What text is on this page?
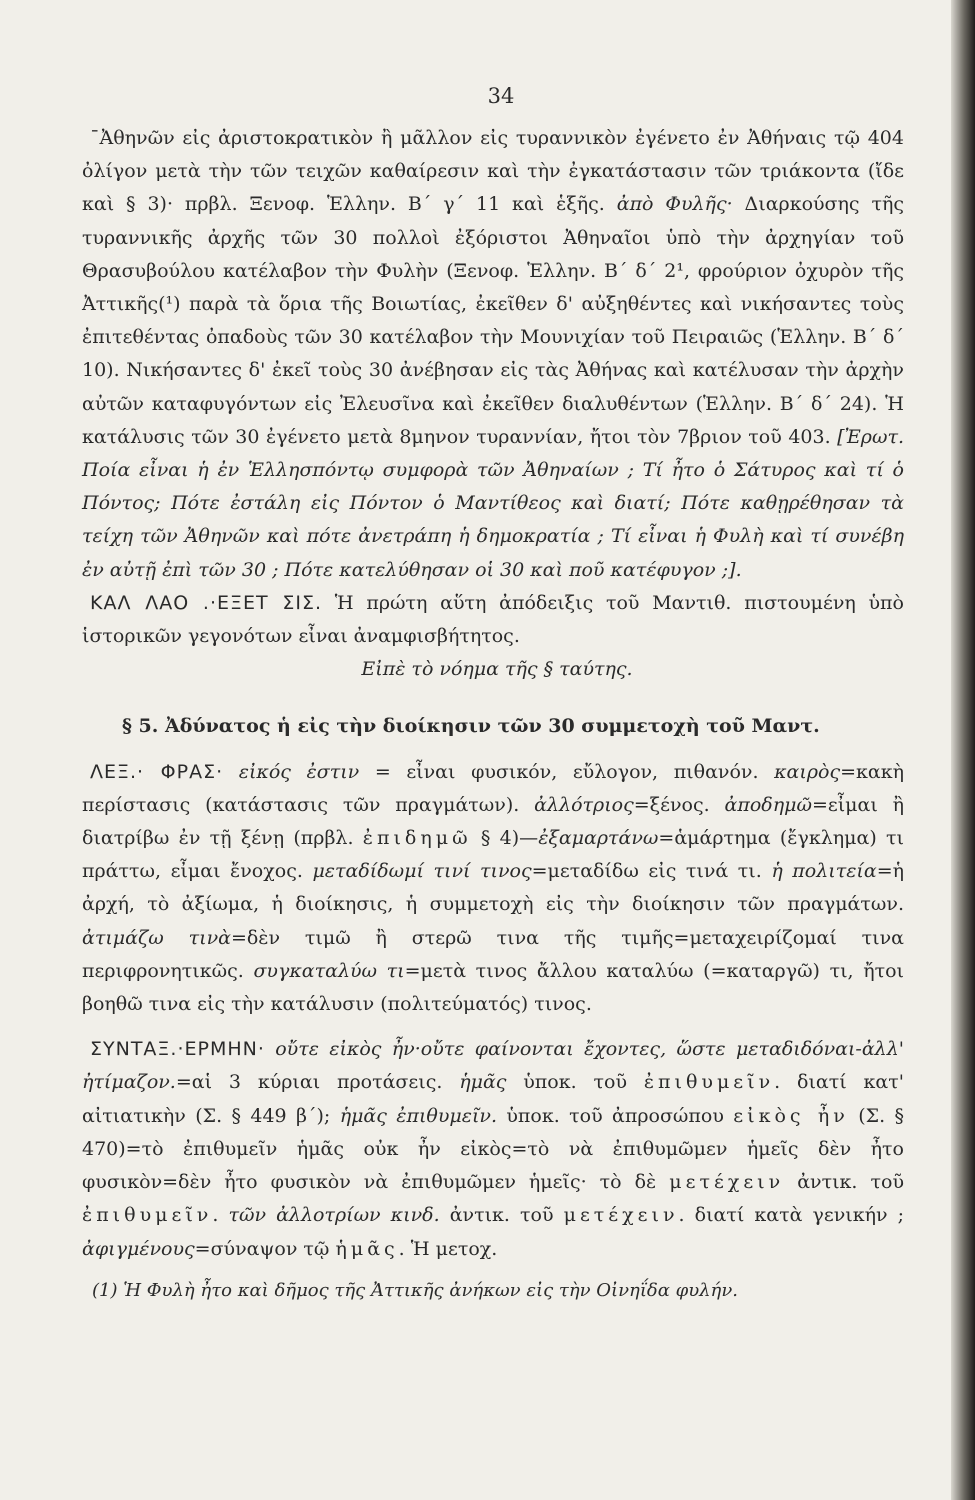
34

¯Ἀθηνῶν εἰς ἀριστοκρατικὸν ἢ μᾶλλον εἰς τυραννικὸν ἐγένετο ἐν Ἀθήναις τῷ 404 ὀλίγον μετὰ τὴν τῶν τειχῶν καθαίρεσιν καὶ τὴν ἐγκατάστασιν τῶν τριάκοντα (ἴδε καὶ § 3)· πρβλ. Ξενοφ. Ἑλλην. Β΄ γ΄ 11 καὶ ἑξῆς. ἀπὸ Φυλῆς· Διαρκούσης τῆς τυραννικῆς ἀρχῆς τῶν 30 πολλοὶ ἐξόριστοι Ἀθηναῖοι ὑπὸ τὴν ἀρχηγίαν τοῦ Θρασυβούλου κατέλαβον τὴν Φυλὴν (Ξενοφ. Ἑλλην. Β΄ δ΄ 2¹, φρούριον ὀχυρὸν τῆς Ἀττικῆς(¹) παρὰ τὰ ὅρια τῆς Βοιωτίας, ἐκεῖθεν δ' αὐξηθέντες καὶ νικήσαντες τοὺς ἐπιτεθέντας ὀπαδοὺς τῶν 30 κατέλαβον τὴν Μουνιχίαν τοῦ Πειραιῶς (Ἑλλην. Β΄ δ΄ 10). Νικήσαντες δ' ἐκεῖ τοὺς 30 ἀνέβησαν εἰς τὰς Ἀθήνας καὶ κατέλυσαν τὴν ἀρχὴν αὐτῶν καταφυγόντων εἰς Ἐλευσῖνα καὶ ἐκεῖθεν διαλυθέντων (Ἑλλην. Β΄ δ΄ 24). Ἡ κατάλυσις τῶν 30 ἐγένετο μετὰ 8μηνον τυραννίαν, ἤτοι τὸν 7βριον τοῦ 403. [Ἐρωτ. Ποία εἶναι ἡ ἐν Ἑλλησπόντῳ συμφορὰ τῶν Ἀθηναίων ; Τί ἦτο ὁ Σάτυρος καὶ τί ὁ Πόντος; Πότε ἐστάλη εἰς Πόντον ὁ Μαντίθεος καὶ διατί; Πότε καθῃρέθησαν τὰ τείχη τῶν Ἀθηνῶν καὶ πότε ἀνετράπη ἡ δημοκρατία ; Τί εἶναι ἡ Φυλὴ καὶ τί συνέβη ἐν αὐτῇ ἐπὶ τῶν 30 ; Πότε κατελύθησαν οἱ 30 καὶ ποῦ κατέφυγον ;].

ΚΑΛ ΛΑΟ .·ΕΞΕΤ ΣΙΣ. Ἡ πρώτη αὕτη ἀπόδειξις τοῦ Μαντιθ. πιστουμένη ὑπὸ ἱστορικῶν γεγονότων εἶναι ἀναμφισβήτητος.

Εἰπὲ τὸ νόημα τῆς § ταύτης.

§ 5. Ἀδύνατος ἡ εἰς τὴν διοίκησιν τῶν 30 συμμετοχὴ τοῦ Μαντ.

ΛΕΞ.· ΦΡΑΣ· εἰκός ἐστιν = εἶναι φυσικόν, εὔλογον, πιθανόν. καιρὸς=κακὴ περίστασις (κατάστασις τῶν πραγμάτων). ἀλλότριος=ξένος. ἀποδημῶ=εἶμαι ἢ διατρίβω ἐν τῇ ξένῃ (πρβλ. ἐπιδημῶ § 4)—ἐξαμαρτάνω=ἁμάρτημα (ἔγκλημα) τι πράττω, εἶμαι ἔνοχος. μεταδίδωμί τινί τινος=μεταδίδω εἰς τινά τι. ἡ πολιτεία=ἡ ἀρχή, τὸ ἀξίωμα, ἡ διοίκησις, ἡ συμμετοχὴ εἰς τὴν διοίκησιν τῶν πραγμάτων. ἀτιμάζω τινὰ=δὲν τιμῶ ἢ στερῶ τινα τῆς τιμῆς=μεταχειρίζομαί τινα περιφρονητικῶς. συγκαταλύω τι=μετὰ τινος ἄλλου καταλύω (=καταργῶ) τι, ἤτοι βοηθῶ τινα εἰς τὴν κατάλυσιν (πολιτεύματός) τινος.

ΣΥΝΤΑΞ.·ΕΡΜΗΝ· οὔτε εἰκὸς ἦν·οὔτε φαίνονται ἔχοντες, ὥστε μεταδιδόναι-ἀλλ' ἠτίμαζον.=αἱ 3 κύριαι προτάσεις. ἡμᾶς ὑποκ. τοῦ ἐπιθυμεῖν. διατί κατ' αἰτιατικὴν (Σ. § 449 β΄); ἡμᾶς ἐπιθυμεῖν. ὑποκ. τοῦ ἀπροσώπου εἰκὸς ἦν (Σ. § 470)=τὸ ἐπιθυμεῖν ἡμᾶς οὐκ ἦν εἰκὸς=τὸ νὰ ἐπιθυμῶμεν ἡμεῖς δὲν ἦτο φυσικὸν=δὲν ἦτο φυσικὸν νὰ ἐπιθυμῶμεν ἡμεῖς· τὸ δὲ μετέχειν ἀντικ. τοῦ ἐπιθυμεῖν. τῶν ἀλλοτρίων κινδ. ἀντικ. τοῦ μετέχειν. διατί κατὰ γενικήν ; ἀφιγμένους=σύναψον τῷ ἡμᾶς. Ἡ μετοχ.

(1) Ἡ Φυλὴ ἦτο καὶ δῆμος τῆς Ἀττικῆς ἀνήκων εἰς τὴν Οἰνηΐδα φυλήν.
